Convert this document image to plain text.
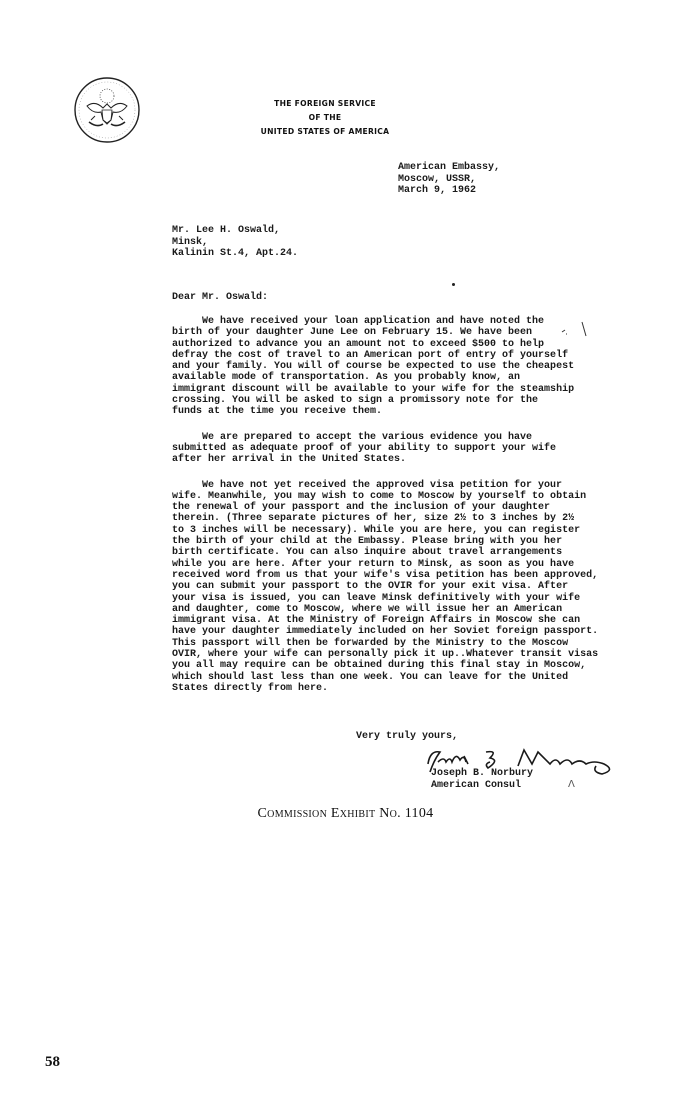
THE FOREIGN SERVICE
OF THE
UNITED STATES OF AMERICA
American Embassy,
Moscow, USSR,
March 9, 1962
Mr. Lee H. Oswald,
Minsk,
Kalinin St.4, Apt.24.
Dear Mr. Oswald:

We have received your loan application and have noted the
birth of your daughter June Lee on February 15. We have been
authorized to advance you an amount not to exceed $500 to help
defray the cost of travel to an American port of entry of yourself
and your family. You will of course be expected to use the cheapest
available mode of transportation. As you probably know, an
immigrant discount will be available to your wife for the steamship
crossing. You will be asked to sign a promissory note for the
funds at the time you receive them.

We are prepared to accept the various evidence you have
submitted as adequate proof of your ability to support your wife
after her arrival in the United States.

We have not yet received the approved visa petition for your
wife. Meanwhile, you may wish to come to Moscow by yourself to obtain
the renewal of your passport and the inclusion of your daughter
therein. (Three separate pictures of her, size 2½ to 3 inches by 2½
to 3 inches will be necessary). While you are here, you can register
the birth of your child at the Embassy. Please bring with you her
birth certificate. You can also inquire about travel arrangements
while you are here. After your return to Minsk, as soon as you have
received word from us that your wife's visa petition has been approved,
you can submit your passport to the OVIR for your exit visa. After
your visa is issued, you can leave Minsk definitively with your wife
and daughter, come to Moscow, where we will issue her an American
immigrant visa. At the Ministry of Foreign Affairs in Moscow she can
have your daughter immediately included on her Soviet foreign passport.
This passport will then be forwarded by the Ministry to the Moscow
OVIR, where your wife can personally pick it up..Whatever transit visas
you all may require can be obtained during this final stay in Moscow,
which should last less than one week. You can leave for the United
States directly from here.

Very truly yours,
Joseph B. Norbury
American Consul	Λ
Commission Exhibit No. 1104
58
